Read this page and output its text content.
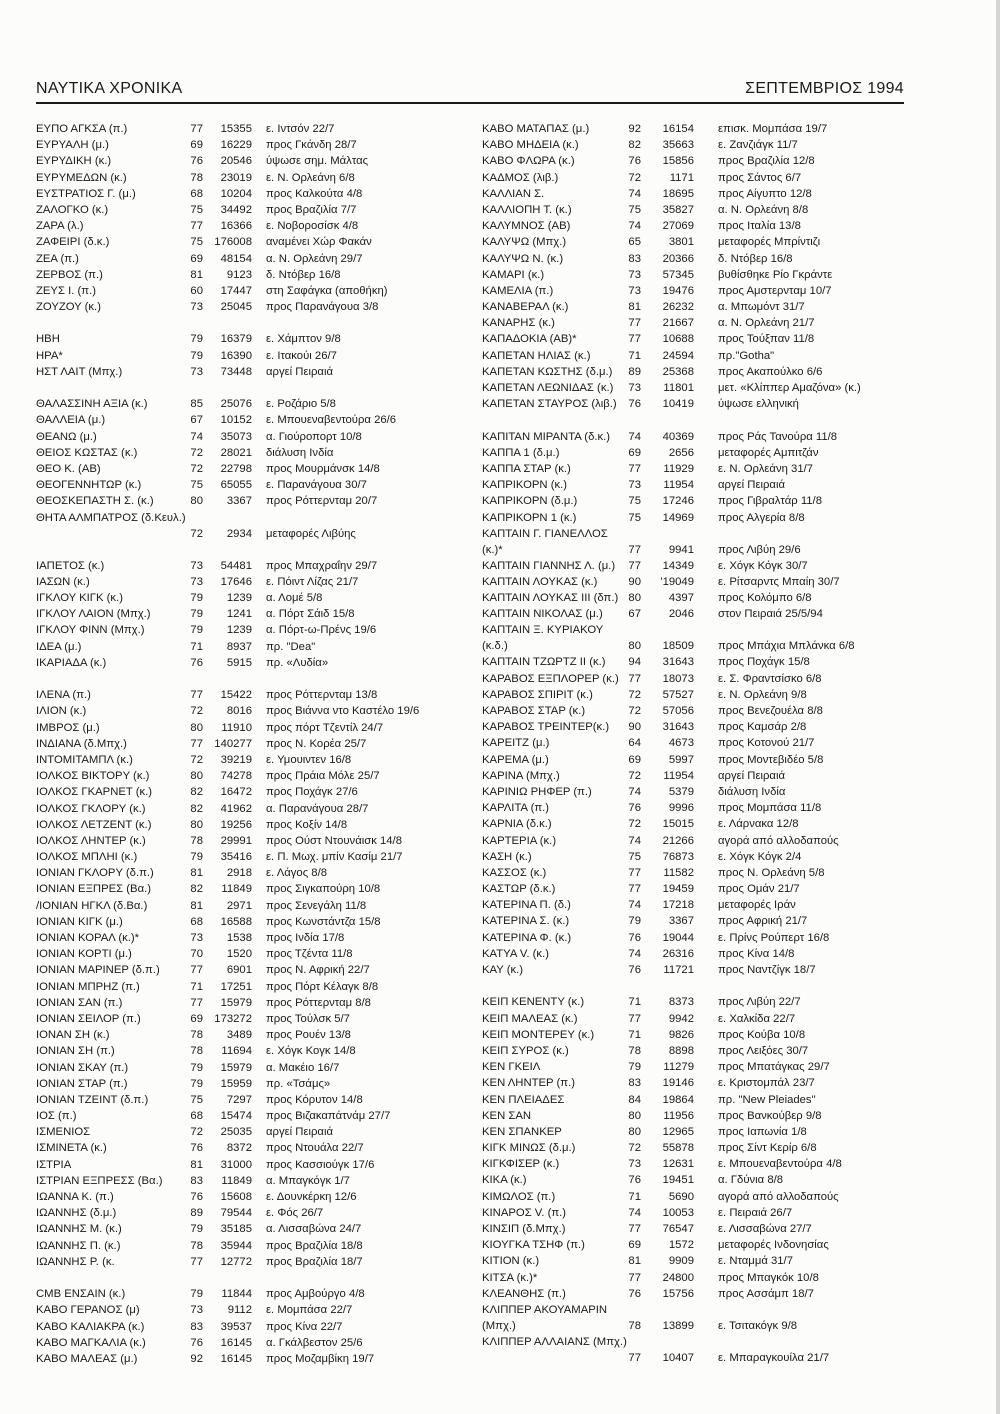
ΝΑΥΤΙΚΑ ΧΡΟΝΙΚΑ	ΣΕΠΤΕΜΒΡΙΟΣ 1994
ΕΥΠΟ ΑΓΚΣΑ (π.)	77	15355 ε. Ιντσόν 22/7
ΕΥΡΥΑΛΗ (μ.)	69	16229 προς Γκάνδη 28/7
ΕΥΡΥΔΙΚΗ (κ.)	76	20546 ύψωσε σημ. Μάλτας
ΕΥΡΥΜΕΔΩΝ (κ.)	78	23019 ε. Ν. Ορλεάνη 6/8
ΕΥΣΤΡΑΤΙΟΣ Γ. (μ.)	68	10204 προς Καλκούτα 4/8
ΖΑΛΟΓΚΟ (κ.)	75	34492 προς Βραζιλία 7/7
ΖΑΡΑ (λ.)	77	16366 ε. Νοβοροσίσκ 4/8
ΖΑΦΕΙΡΙ (δ.κ.)	75 176008 αναμένει Χώρ Φακάν
ΖΕΑ (π.)	69	48154 α. Ν. Ορλεάνη 29/7
ΖΕΡΒΟΣ (π.)	81	9123 δ. Ντόβερ 16/8
ΖΕΥΣ Ι. (π.)	60	17447 στη Σαφάγκα (αποθήκη)
ΖΟΥΖΟΥ (κ.)	73	25045 προς Παρανάγουα 3/8
ΗΒΗ	79	16379 ε. Χάμπτον 9/8
ΗΡΑ*	79	16390 ε. Ιτακούι 26/7
ΗΣΤ ΛΑΙΤ (Μπχ.)	73	73448 αργεί Πειραιά
ΘΑΛΑΣΣΙΝΗ ΑΞΙΑ (κ.)	85	25076 ε. Ροζάριο 5/8
ΘΑΛΛΕΙΑ (μ.)	67	10152 ε. Μπουεναβεντούρα 26/6
ΘΕΑΝΩ (μ.)	74	35073 α. Γιούροπορτ 10/8
ΘΕΙΟΣ ΚΩΣΤΑΣ (κ.)	72	28021 διάλυση Ινδία
ΘΕΟ Κ. (ΑΒ)	72	22798 προς Μουρμάνσκ 14/8
ΘΕΟΓΕΝΝΗΤΩΡ (κ.)	75	65055 ε. Παρανάγουα 30/7
ΘΕΟΣΚΕΠΑΣΤΗ Σ. (κ.)	80	3367 προς Ρόττερνταμ 20/7
ΘΗΤΑ ΑΛΜΠΑΤΡΟΣ (δ.Κευλ.)
72	2934 μεταφορές Λιβύης
ΙΑΠΕΤΟΣ (κ.)	73	54481 προς Μπαχραΐην 29/7
ΙΑΣΩΝ (κ.)	73	17646 ε. Πόιντ Λίζας 21/7
ΙΓΚΛΟΥ ΚΙΓΚ (κ.)	79	1239 α. Λομέ 5/8
ΙΓΚΛΟΥ ΛΑΙΟΝ (Μπχ.)	79	1241 α. Πόρτ Σάιδ 15/8
ΙΓΚΛΟΥ ΦΙΝΝ (Μπχ.)	79	1239 α. Πόρτ-ω-Πρένς 19/6
ΙΔΕΑ (μ.)	71	8937 πρ. "Dea"
ΙΚΑΡΙΑΔΑ (κ.)	76	5915 πρ. «Λυδία»
ΙΛΕΝΑ (π.)	77	15422 προς Ρόττερνταμ 13/8
ΙΛΙΟΝ (κ.)	72	8016 προς Βιάννα ντο Καστέλο 19/6
ΙΜΒΡΟΣ (μ.)	80	11910 προς πόρτ Τζεντίλ 24/7
ΙΝΔΙΑΝΑ (δ.Μπχ.)	77 140277 προς Ν. Κορέα 25/7
ΙΝΤΟΜΙΤΑΜΠΛ (κ.)	72	39219 ε. Υμουιντεν 16/8
ΙΟΛΚΟΣ ΒΙΚΤΟΡΥ (κ.)	80	74278 προς Πράια Μόλε 25/7
ΙΟΛΚΟΣ ΓΚΑΡΝΕΤ (κ.)	82	16472 προς Ποχάγκ 27/6
ΙΟΛΚΟΣ ΓΚΛΟΡΥ (κ.)	82	41962 α. Παρανάγουα 28/7
ΙΟΛΚΟΣ ΛΕΤΖΕΝΤ (κ.)	80	19256 προς Κοξίν 14/8
ΙΟΛΚΟΣ ΛΗΝΤΕΡ (κ.)	78	29991 προς Ούστ Ντουνάισκ 14/8
ΙΟΛΚΟΣ ΜΠΛΗΙ (κ.)	79	35416 ε. Π. Μωχ. μπίν Κασίμ 21/7
ΙΟΝΙΑΝ ΓΚΛΟΡΥ (δ.π.)	81	2918 ε. Λάγος 8/8
ΙΟΝΙΑΝ ΕΞΠΡΕΣ (Βα.)	82	11849 προς Σιγκαπούρη 10/8
/ΙΟΝΙΑΝ ΗΓΚΛ (δ.Βα.)	81	2971 προς Σενεγάλη 11/8
ΙΟΝΙΑΝ ΚΙΓΚ (μ.)	68	16588 προς Κωνστάντζα 15/8
ΙΟΝΙΑΝ ΚΟΡΑΛ (κ.)*	73	1538 προς Ινδία 17/8
ΙΟΝΙΑΝ ΚΟΡΤΙ (μ.)	70	1520 προς Τζέντα 11/8
ΙΟΝΙΑΝ ΜΑΡΙΝΕΡ (δ.π.)	77	6901 προς Ν. Αφρική 22/7
ΙΟΝΙΑΝ ΜΠΡΗΖ (π.)	71	17251 προς Πόρτ Κέλαγκ 8/8
ΙΟΝΙΑΝ ΣΑΝ (π.)	77	15979 προς Ρόττερνταμ 8/8
ΙΟΝΙΑΝ ΣΕΙΛΟΡ (π.)	69 173272 προς Τούλσκ 5/7
ΙΟΝΑΝ ΣΗ (κ.)	78	3489 προς Ρουέν 13/8
ΙΟΝΙΑΝ ΣΗ (π.)	78	11694 ε. Χόγκ Κογκ 14/8
ΙΟΝΙΑΝ ΣΚΑΥ (π.)	79	15979 α. Μακέιο 16/7
ΙΟΝΙΑΝ ΣΤΑΡ (π.)	79	15959 πρ. «Τσάμς»
ΙΟΝΙΑΝ ΤΖΕΙΝΤ (δ.π.)	75	7297 προς Κόρυτον 14/8
ΙΟΣ (π.)	68	15474 προς Βιζακαπάτνάμ 27/7
ΙΣΜΕΝΙΟΣ	72	25035 αργεί Πειραιά
ΙΣΜΙΝΕΤΑ (κ.)	76	8372 προς Ντουάλα 22/7
ΙΣΤΡΙΑ	81	31000 προς Κασσιούγκ 17/6
ΙΣΤΡΙΑΝ ΕΞΠΡΕΣΣ (Βα.)	83	11849 α. Μπαγκόγκ 1/7
ΙΩΑΝΝΑ Κ. (π.)	76	15608 ε. Δουνκέρκη 12/6
ΙΩΑΝΝΗΣ (δ.μ.)	89	79544 ε. Φός 26/7
ΙΩΑΝΝΗΣ Μ. (κ.)	79	35185 α. Λισσαβώνα 24/7
ΙΩΑΝΝΗΣ Π. (κ.)	78	35944 προς Βραζιλία 18/8
ΙΩΑΝΝΗΣ Ρ. (κ.	77	12772 προς Βραζιλία 18/7
CMB ΕΝΣΑΙΝ (κ.)	79	11844 προς Αμβούργο 4/8
ΚΑΒΟ ΓΕΡΑΝΟΣ (μ)	73	9112 ε. Μομπάσα 22/7
ΚΑΒΟ ΚΑΛΙΑΚΡΑ (κ.)	83	39537 προς Κίνα 22/7
ΚΑΒΟ ΜΑΓΚΑΛΙΑ (κ.)	76	16145 α. Γκάλβεστον 25/6
ΚΑΒΟ ΜΑΛΕΑΣ (μ.)	92	16145 προς Μοζαμβίκη 19/7
ΚΑΒΟ ΜΑΤΑΠΑΣ (μ.)	92	16154 επισκ. Μομπάσα 19/7
ΚΑΒΟ ΜΗΔΕΙΑ (κ.)	82	35663 ε. Ζανζιάγκ 11/7
ΚΑΒΟ ΦΛΩΡΑ (κ.)	76	15856 προς Βραζιλία 12/8
ΚΑΔΜΟΣ (λιβ.)	72	1171 προς Σάντος 6/7
ΚΑΛΛΙΑΝ Σ.	74	18695 προς Αίγυπτο 12/8
ΚΑΛΛΙΟΠΗ Τ. (κ.)	75	35827 α. Ν. Ορλεάνη 8/8
ΚΑΛΥΜΝΟΣ (ΑΒ)	74	27069 προς Ιταλία 13/8
ΚΑΛΥΨΩ (Μπχ.)	65	3801 μεταφορές Μπρίντιζι
ΚΑΛΥΨΩ Ν. (κ.)	83	20366 δ. Ντόβερ 16/8
ΚΑΜΑΡΙ (κ.)	73	57345 βυθίσθηκε Ρίο Γκράντε
ΚΑΜΕΛΙΑ (π.)	73	19476 προς Αμστερνταμ 10/7
ΚΑΝΑΒΕΡΑΛ (κ.)	81	26232 α. Μπωμόντ 31/7
ΚΑΝΑΡΗΣ (κ.)	77	21667 α. Ν. Ορλεάνη 21/7
ΚΑΠΑΔΟΚΙΑ (ΑΒ)*	77	10688 προς Τούξπαν 11/8
ΚΑΠΕΤΑΝ ΗΛΙΑΣ (κ.)	71	24594 πρ."Gotha"
ΚΑΠΕΤΑΝ ΚΩΣΤΗΣ (δ.μ.)	89	25368 προς Ακαπούλκο 6/6
ΚΑΠΕΤΑΝ ΛΕΩΝΙΔΑΣ (κ.)	73	11801 μετ. «Κλίππερ Αμαζόνα» (κ.)
ΚΑΠΕΤΑΝ ΣΤΑΥΡΟΣ (λιβ.)	76	10419 ύψωσε ελληνική
ΚΑΠΙΤΑΝ ΜΙΡΑΝΤΑ (δ.κ.)	74	40369 προς Ράς Τανούρα 11/8
ΚΑΠΠΑ 1 (δ.μ.)	69	2656 μεταφορές Αμπιτζάν
ΚΑΠΠΑ ΣΤΑΡ (κ.)	77	11929 ε. Ν. Ορλεάνη 31/7
ΚΑΠΡΙΚΟΡΝ (κ.)	73	11954 αργεί Πειραιά
ΚΑΠΡΙΚΟΡΝ (δ.μ.)	75	17246 προς Γιβραλτάρ 11/8
ΚΑΠΡΙΚΟΡΝ 1 (κ.)	75	14969 προς Αλγερία 8/8
ΚΑΠΤΑΙΝ Γ. ΓΙΑΝΕΛΛΟΣ (κ.)*	77	9941 προς Λιβύη 29/6
ΚΑΠΤΑΙΝ ΓΙΑΝΝΗΣ Λ. (μ.)	77	14349 ε. Χόγκ Κόγκ 30/7
ΚΑΠΤΑΙΝ ΛΟΥΚΑΣ (κ.)	90	'19049 ε. Ρίτσαρντς Μπαίη 30/7
ΚΑΠΤΑΙΝ ΛΟΥΚΑΣ ΙΙΙ (δπ.) 80	4397 προς Κολόμπο 6/8
ΚΑΠΤΑΙΝ ΝΙΚΟΛΑΣ (μ.)	67	2046 στον Πειραιά 25/5/94
ΚΑΠΤΑΙΝ Ξ. ΚΥΡΙΑΚΟΥ (κ.δ.)	80	18509 προς Μπάχια Μπλάνκα 6/8
ΚΑΠΤΑΙΝ ΤΖΩΡΤΖ ΙΙ (κ.)	94	31643 προς Ποχάγκ 15/8
ΚΑΡΑΒΟΣ ΕΞΠΛΟΡΕΡ (κ.) 77	18073 ε. Σ. Φραντσίσκο 6/8
ΚΑΡΑΒΟΣ ΣΠΙΡΙΤ (κ.)	72	57527 ε. Ν. Ορλεάνη 9/8
ΚΑΡΑΒΟΣ ΣΤΑΡ (κ.)	72	57056 προς Βενεζουέλα 8/8
ΚΑΡΑΒΟΣ ΤΡΕΙΝΤΕΡ(κ.)	90	31643 προς Καμσάρ 2/8
ΚΑΡΕΙΤΖ (μ.)	64	4673 προς Κοτονού 21/7
ΚΑΡΕΜΑ (μ.)	69	5997 προς Μοντεβιδέο 5/8
ΚΑΡΙΝΑ (Μπχ.)	72	11954 αργεί Πειραιά
ΚΑΡΙΝΙΩ ΡΗΦΕΡ (π.)	74	5379 διάλυση Ινδία
ΚΑΡΛΙΤΑ (π.)	76	9996 προς Μομπάσα 11/8
ΚΑΡΝΙΑ (δ.κ.)	72	15015 ε. Λάρνακα 12/8
ΚΑΡΤΕΡΙΑ (κ.)	74	21266 αγορά από αλλοδαπούς
ΚΑΣΗ (κ.)	75	76873 ε. Χόγκ Κόγκ 2/4
ΚΑΣΣΟΣ (κ.)	77	11582 προς Ν. Ορλεάνη 5/8
ΚΑΣΤΩΡ (δ.κ.)	77	19459 προς Ομάν 21/7
ΚΑΤΕΡΙΝΑ Π. (δ.)	74	17218 μεταφορές Ιράν
ΚΑΤΕΡΙΝΑ Σ. (κ.)	79	3367 προς Αφρική 21/7
ΚΑΤΕΡΙΝΑ Φ. (κ.)	76	19044 ε. Πρίνς Ρούπερτ 16/8
ΚΑΤΥΑ V. (κ.)	74	26316 προς Κίνα 14/8
ΚΑΥ (κ.)	76	11721 προς Ναντζίγκ 18/7
ΚΕΙΠ ΚΕΝΕΝΤΥ (κ.)	71	8373 προς Λιβύη 22/7
ΚΕΙΠ ΜΑΛΕΑΣ (κ.)	77	9942 ε. Χαλκίδα 22/7
ΚΕΙΠ ΜΟΝΤΕΡΕΥ (κ.)	71	9826 προς Κούβα 10/8
ΚΕΙΠ ΣΥΡΟΣ (κ.)	78	8898 προς Λειξόες 30/7
ΚΕΝ ΓΚΕΙΛ	79	11279 προς Μπατάγκας 29/7
ΚΕΝ ΛΗΝΤΕΡ (π.)	83	19146 ε. Κριστομπάλ 23/7
ΚΕΝ ΠΛΕΙΑΔΕΣ	84	19864 πρ. "New Pleiades"
ΚΕΝ ΣΑΝ	80	11956 προς Βανκούβερ 9/8
ΚΕΝ ΣΠΑΝΚΕΡ	80	12965 προς Ιαπωνία 1/8
ΚΙΓΚ ΜΙΝΩΣ (δ.μ.)	72	55878 προς Σίντ Κερίρ 6/8
ΚΙΓΚΦΙΣΕΡ (κ.)	73	12631 ε. Μπουεναβεντούρα 4/8
ΚΙΚΑ (κ.)	76	19451 α. Γδύνια 8/8
ΚΙΜΩΛΟΣ (π.)	71	5690 αγορά από αλλοδαπούς
ΚΙΝΑΡΟΣ V. (π.)	74	10053 ε. Πειραιά 26/7
ΚΙΝΣΙΠ (δ.Μπχ.)	77	76547 ε. Λισσαβώνα 27/7
ΚΙΟΥΓΚΑ ΤΣΗΦ (π.)	69	1572 μεταφορές Ινδονησίας
ΚΙΤΙΟΝ (κ.)	81	9909 ε. Νταμμά 31/7
ΚΙΤΣΑ (κ.)*	77	24800 προς Μπαγκόκ 10/8
ΚΛΕΑΝΘΗΣ (π.)	76	15756 προς Ασσάμπ 18/7
ΚΛΙΠΠΕΡ ΑΚΟΥΑΜΑΡΙΝ (Μπχ.)	78	13899 ε. Τσιτακόγκ 9/8
ΚΛΙΠΠΕΡ ΑΛΛΑΙΑΝΣ (Μπχ.)
77	10407 ε. Μπαραγκουίλα 21/7
